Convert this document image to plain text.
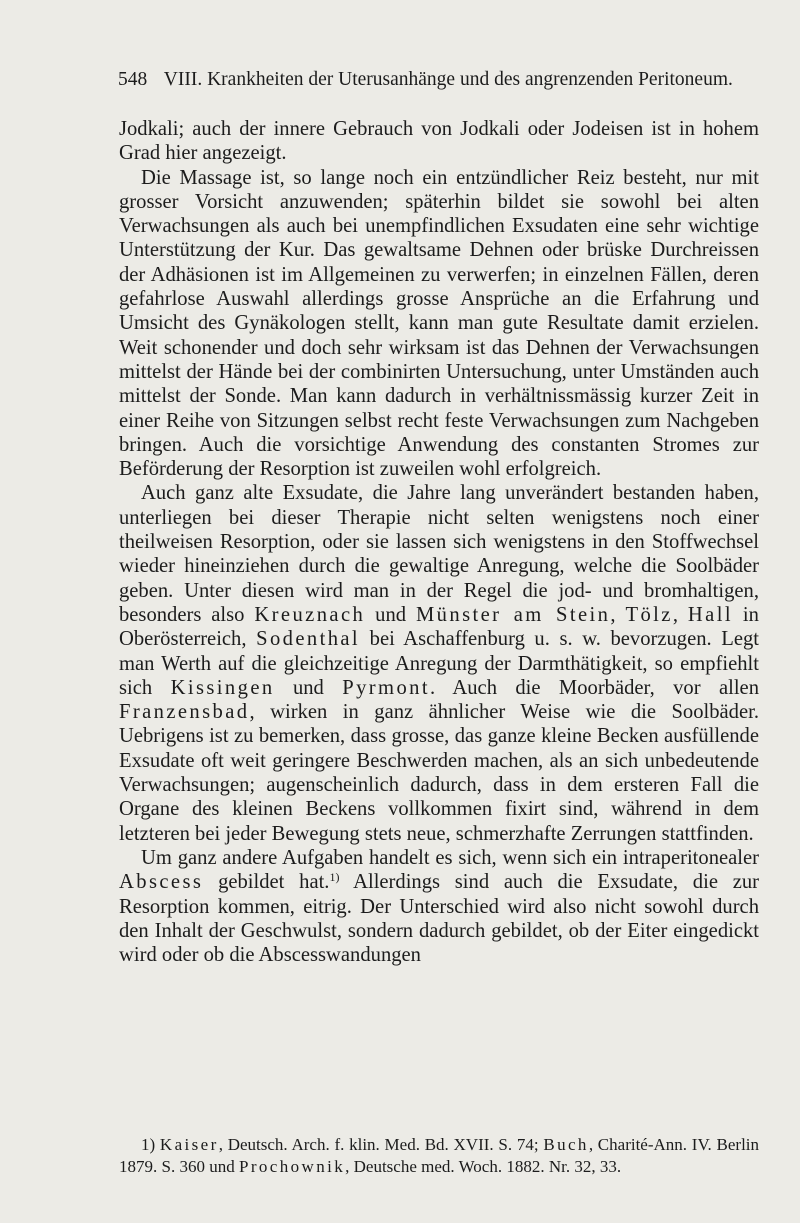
548 VIII. Krankheiten der Uterusanhänge und des angrenzenden Peritoneum.

Jodkali; auch der innere Gebrauch von Jodkali oder Jodeisen ist in hohem Grad hier angezeigt.

Die Massage ist, so lange noch ein entzündlicher Reiz besteht, nur mit grosser Vorsicht anzuwenden; späterhin bildet sie sowohl bei alten Verwachsungen als auch bei unempfindlichen Exsudaten eine sehr wichtige Unterstützung der Kur. Das gewaltsame Dehnen oder brüske Durchreissen der Adhäsionen ist im Allgemeinen zu verwerfen; in einzelnen Fällen, deren gefahrlose Auswahl allerdings grosse Ansprüche an die Erfahrung und Umsicht des Gynäkologen stellt, kann man gute Resultate damit erzielen. Weit schonender und doch sehr wirksam ist das Dehnen der Verwachsungen mittelst der Hände bei der combinirten Untersuchung, unter Umständen auch mittelst der Sonde. Man kann dadurch in verhältnissmässig kurzer Zeit in einer Reihe von Sitzungen selbst recht feste Verwachsungen zum Nachgeben bringen. Auch die vorsichtige Anwendung des constanten Stromes zur Beförderung der Resorption ist zuweilen wohl erfolgreich.

Auch ganz alte Exsudate, die Jahre lang unverändert bestanden haben, unterliegen bei dieser Therapie nicht selten wenigstens noch einer theilweisen Resorption, oder sie lassen sich wenigstens in den Stoffwechsel wieder hineinziehen durch die gewaltige Anregung, welche die Soolbäder geben. Unter diesen wird man in der Regel die jod- und bromhaltigen, besonders also Kreuznach und Münster am Stein, Tölz, Hall in Oberösterreich, Sodenthal bei Aschaffenburg u. s. w. bevorzugen. Legt man Werth auf die gleichzeitige Anregung der Darmthätigkeit, so empfiehlt sich Kissingen und Pyrmont. Auch die Moorbäder, vor allen Franzensbad, wirken in ganz ähnlicher Weise wie die Soolbäder. Uebrigens ist zu bemerken, dass grosse, das ganze kleine Becken ausfüllende Exsudate oft weit geringere Beschwerden machen, als an sich unbedeutende Verwachsungen; augenscheinlich dadurch, dass in dem ersteren Fall die Organe des kleinen Beckens vollkommen fixirt sind, während in dem letzteren bei jeder Bewegung stets neue, schmerzhafte Zerrungen stattfinden.

Um ganz andere Aufgaben handelt es sich, wenn sich ein intraperitonealer Abscess gebildet hat.$^{1)}$ Allerdings sind auch die Exsudate, die zur Resorption kommen, eitrig. Der Unterschied wird also nicht sowohl durch den Inhalt der Geschwulst, sondern dadurch gebildet, ob der Eiter eingedickt wird oder ob die Abscesswandungen

1) Kaiser, Deutsch. Arch. f. klin. Med. Bd. XVII. S. 74; Buch, Charité-Ann. IV. Berlin 1879. S. 360 und Prochownik, Deutsche med. Woch. 1882. Nr. 32, 33.
